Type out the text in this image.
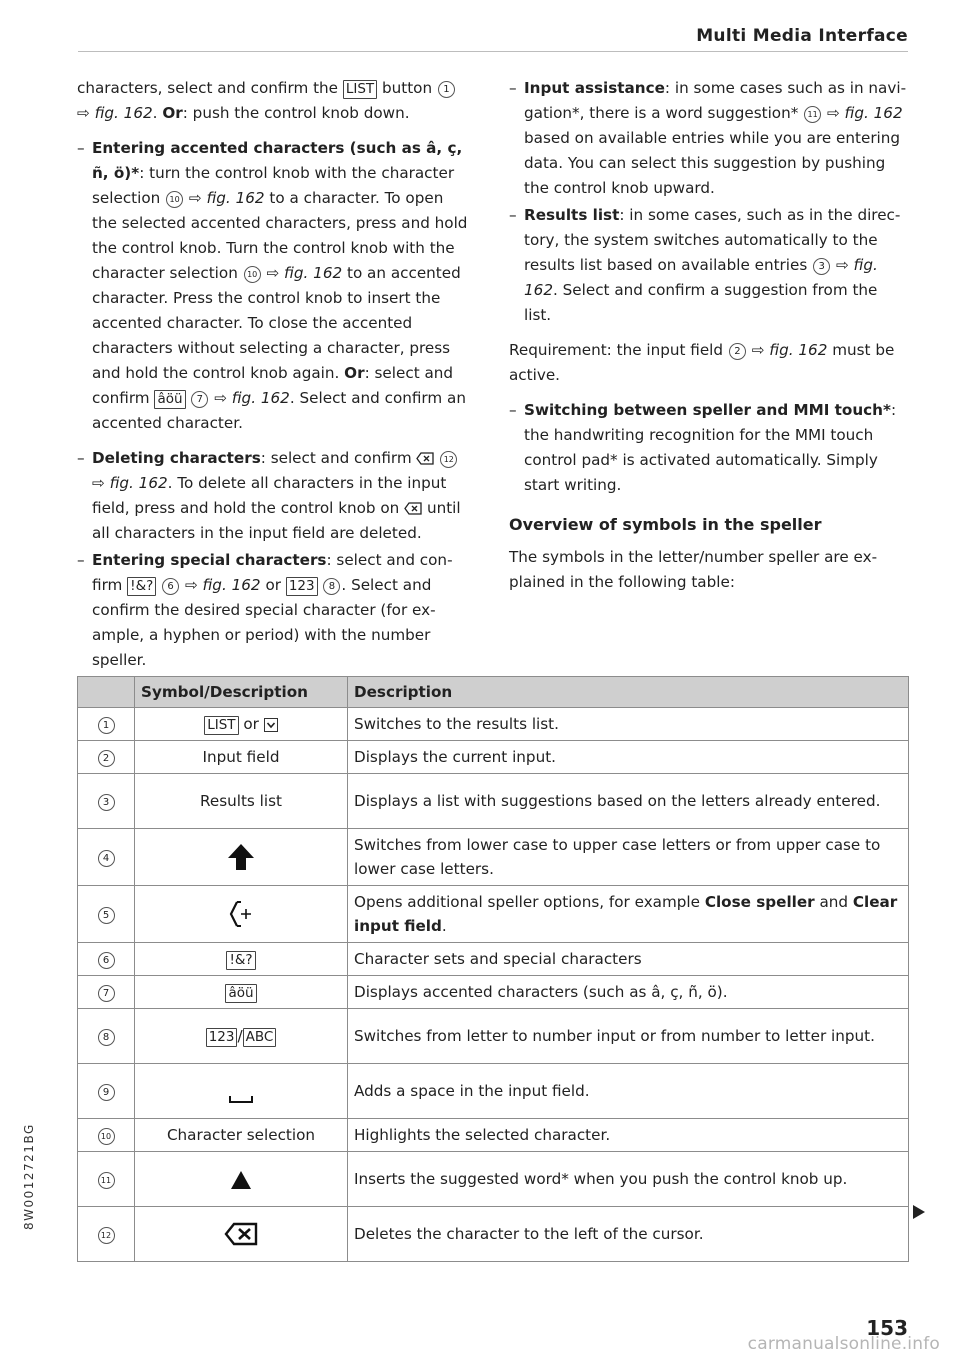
Multi Media Interface

characters, select and confirm the LIST button 1 ⇨ fig. 162. Or: push the control knob down.

– Entering accented characters (such as â, ç, ñ, ö)*: turn the control knob with the character selection 10 ⇨ fig. 162 to a character. To open the selected accented characters, press and hold the control knob. Turn the control knob with the character selection 10 ⇨ fig. 162 to an accented character. Press the control knob to insert the accented character. To close the accented characters without selecting a character, press and hold the control knob again. Or: select and confirm âöü 7 ⇨ fig. 162. Select and confirm an accented character.
– Deleting characters: select and confirm	12 ⇨ fig. 162. To delete all characters in the input field, press and hold the control knob on until all characters in the input field are deleted.
– Entering special characters: select and confirm !&? 6 ⇨ fig. 162 or 123 8 . Select and confirm the desired special character (for example, a hyphen or period) with the number speller.
– Input assistance: in some cases such as in navigation*, there is a word suggestion* 11 ⇨ fig. 162 based on available entries while you are entering data. You can select this suggestion by pushing the control knob upward.
– Results list: in some cases, such as in the directory, the system switches automatically to the results list based on available entries 3 ⇨ fig. 162. Select and confirm a suggestion from the list.

Requirement: the input field 2 ⇨ fig. 162 must be active.

– Switching between speller and MMI touch*: the handwriting recognition for the MMI touch control pad* is activated automatically. Simply start writing.
Overview of symbols in the speller

The symbols in the letter/number speller are explained in the following table:

	Symbol/Description	Description
1	LIST or	Switches to the results list.
2	Input field	Displays the current input.
3	Results list	Displays a list with suggestions based on the letters already entered.
4		Switches from lower case to upper case letters or from upper case to lower case letters.
5		Opens additional speller options, for example Close speller and Clear input field.
6	!&?	Character sets and special characters
7	âöü	Displays accented characters (such as â, ç, ñ, ö).
8	123 / ABC	Switches from letter to number input or from number to letter input.
9		Adds a space in the input field.
10	Character selection	Highlights the selected character.
11		Inserts the suggested word* when you push the control knob up.
12		Deletes the character to the left of the cursor.
8W0012721BG
153
carmanualsonline.info
